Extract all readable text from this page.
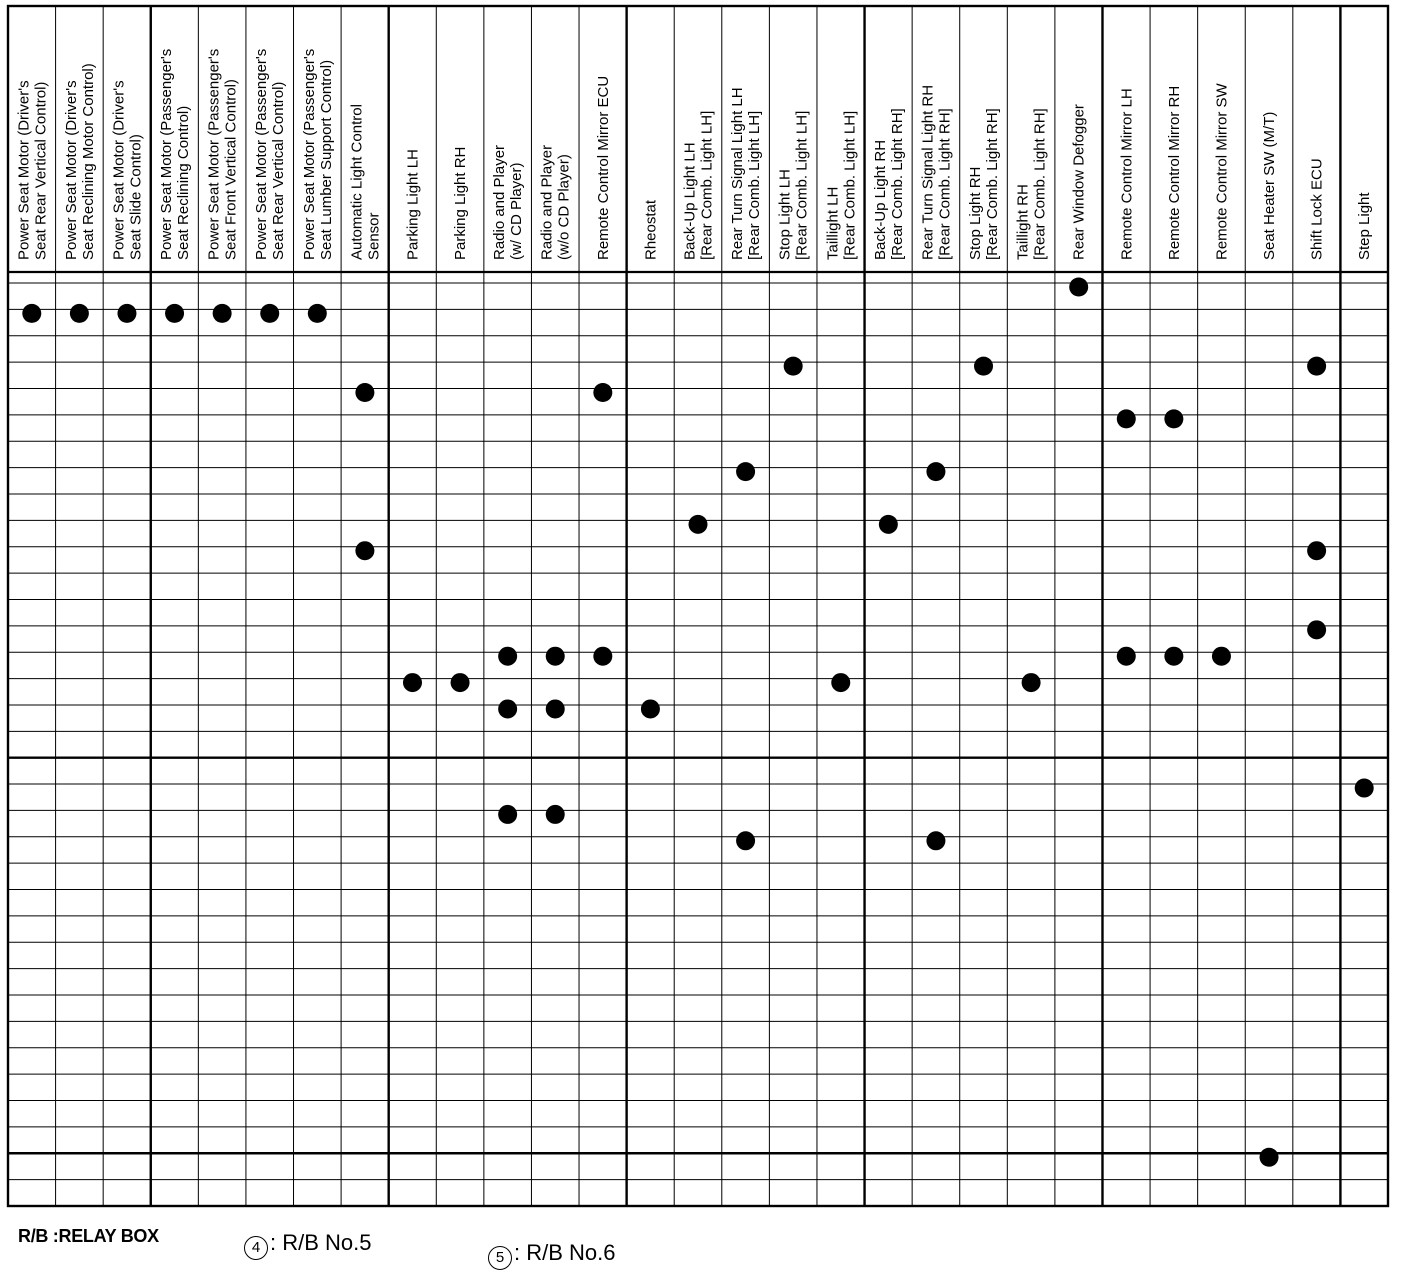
Power Seat Motor (Driver's Seat Rear Vertical Control) Power Seat Motor (Driver's Seat Reclining Motor Control) Power Seat Motor (Driver's Seat Slide Control) Power Seat Motor (Passenger's Seat Reclining Control) Power Seat Motor (Passenger's Seat Front Vertical Control) Power Seat Motor (Passenger's Seat Rear Vertical Control) Power Seat Motor (Passenger's Seat Lumber Support Control) Automatic Light Control Sensor Parking Light LH Parking Light RH Radio and Player (w/ CD Player) Radio and Player (w/o CD Player) Remote Control Mirror ECU Rheostat Back-Up Light LH [Rear Comb. Light LH] Rear Turn Signal Light LH [Rear Comb. Light LH] Stop Light LH [Rear Comb. Light LH] Taillight LH [Rear Comb. Light LH] Back-Up Light RH [Rear Comb. Light RH] Rear Turn Signal Light RH [Rear Comb. Light RH] Stop Light RH [Rear Comb. Light RH] Taillight RH [Rear Comb. Light RH] Rear Window Defogger Remote Control Mirror LH Remote Control Mirror RH Remote Control Mirror SW Seat Heater SW (M/T) Shift Lock ECU Step Light
R/B :RELAY BOX
4 : R/B No.5
5 : R/B No.6
